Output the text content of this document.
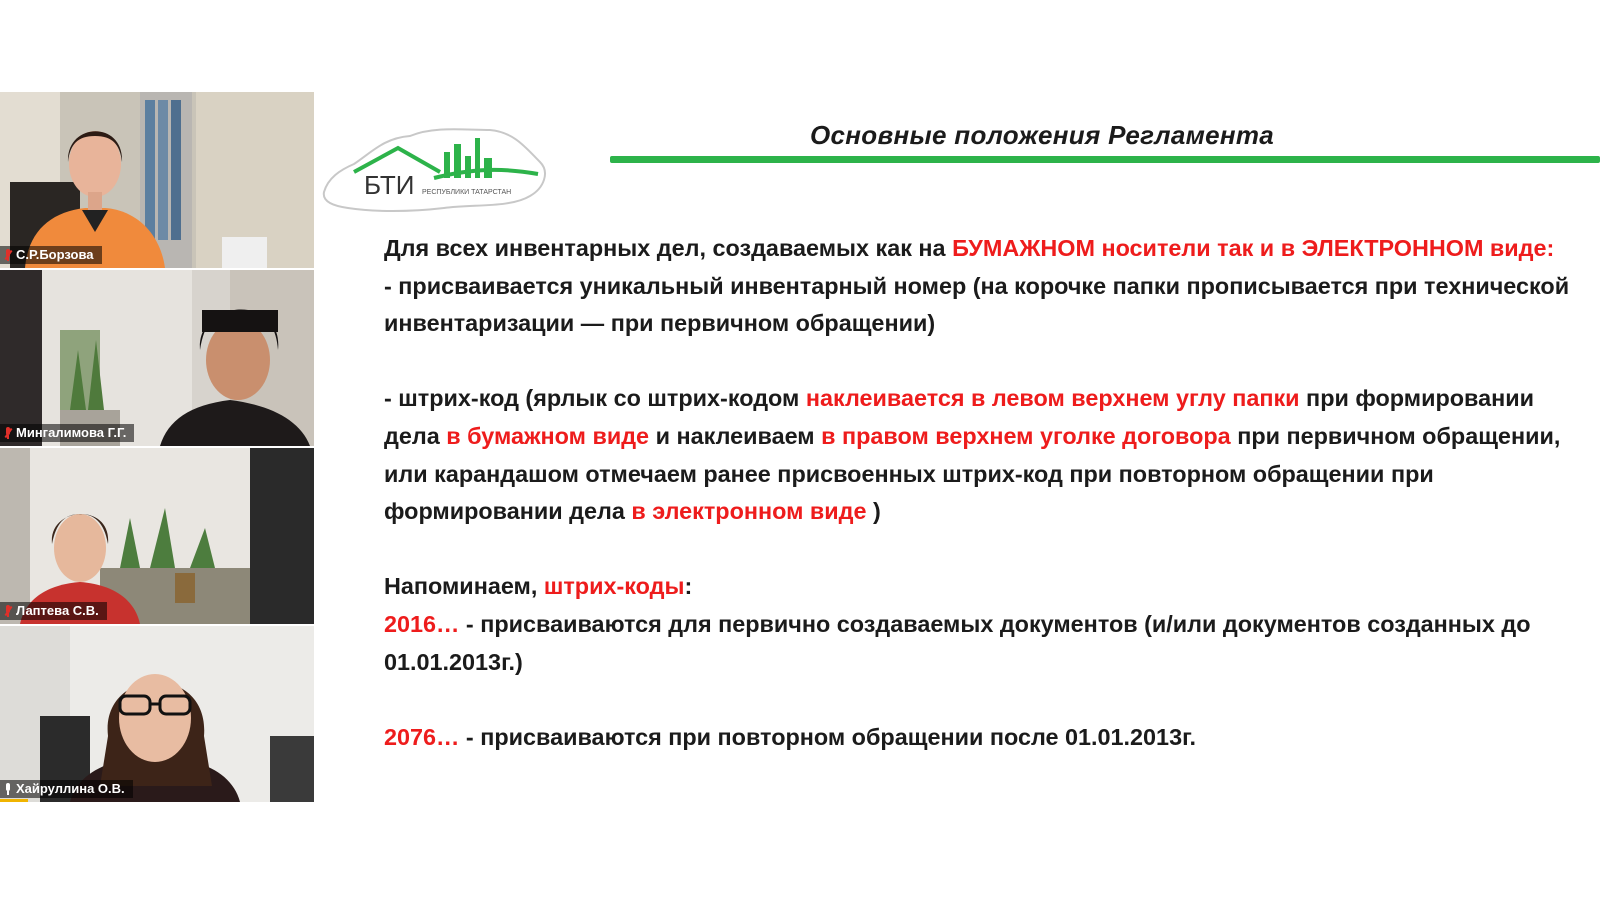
С.Р.Борзова
Мингалимова Г.Г.
Лаптева С.В.
Хайруллина О.В.
БТИ РЕСПУБЛИКИ ТАТАРСТАН
Основные положения Регламента

Для всех инвентарных дел, создаваемых как на БУМАЖНОМ носители так и в ЭЛЕКТРОННОМ виде:

- присваивается уникальный инвентарный номер (на корочке папки прописывается при технической инвентаризации — при первичном обращении)

- штрих-код (ярлык со штрих-кодом наклеивается в левом верхнем углу папки при формировании дела в бумажном виде и наклеиваем в правом верхнем уголке договора при первичном обращении, или карандашом отмечаем ранее присвоенных штрих-код при повторном обращении при формировании дела в электронном виде )

Напоминаем, штрих-коды:

2016… - присваиваются для первично создаваемых документов (и/или документов созданных до 01.01.2013г.)

2076… - присваиваются при повторном обращении после 01.01.2013г.
